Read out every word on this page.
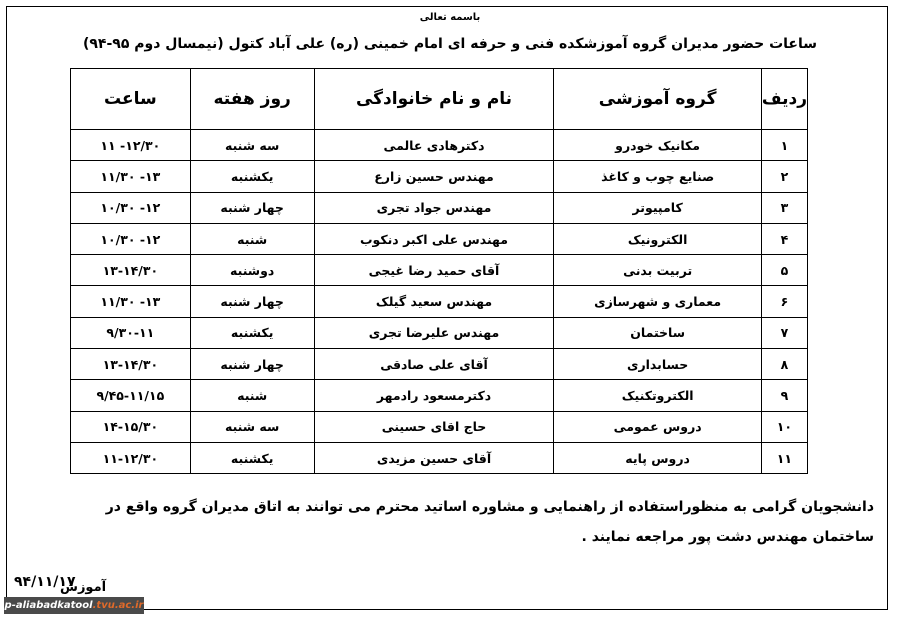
باسمه تعالی
ساعات حضور مدیران گروه آموزشکده فنی و حرفه ای امام خمینی (ره) علی آباد کتول (نیمسال دوم ۹۵-۹۴)
ردیف	گروه آموزشی	نام و نام خانوادگی	روز هفته	ساعت
۱	مکانیک خودرو	دکترهادی عالمی	سه شنبه	۱۱ -۱۲/۳۰
۲	صنایع چوب و کاغذ	مهندس حسین زارع	یکشنبه	۱۱/۳۰ -۱۳
۳	کامپیوتر	مهندس جواد تجری	چهار شنبه	۱۰/۳۰ -۱۲
۴	الکترونیک	مهندس علی اکبر دنکوب	شنبه	۱۰/۳۰ -۱۲
۵	تربیت بدنی	آقای حمید رضا غیجی	دوشنبه	۱۳-۱۴/۳۰
۶	معماری و شهرسازی	مهندس سعید گیلک	چهار شنبه	۱۱/۳۰ -۱۳
۷	ساختمان	مهندس علیرضا تجری	یکشنبه	۹/۳۰-۱۱
۸	حسابداری	آقای علی صادقی	چهار شنبه	۱۳-۱۴/۳۰
۹	الکتروتکنیک	دکترمسعود رادمهر	شنبه	۹/۴۵-۱۱/۱۵
۱۰	دروس عمومی	حاج اقای حسینی	سه شنبه	۱۴-۱۵/۳۰
۱۱	دروس پایه	آقای حسین مزیدی	یکشنبه	۱۱-۱۲/۳۰
دانشجویان گرامی به منظوراستفاده از راهنمایی و مشاوره اساتید محترم می توانند به اتاق مدیران گروه واقع در
ساختمان مهندس دشت پور مراجعه نمایند .
آموزش
۹۴/۱۱/۱۷
p-aliabadkatool.tvu.ac.ir
